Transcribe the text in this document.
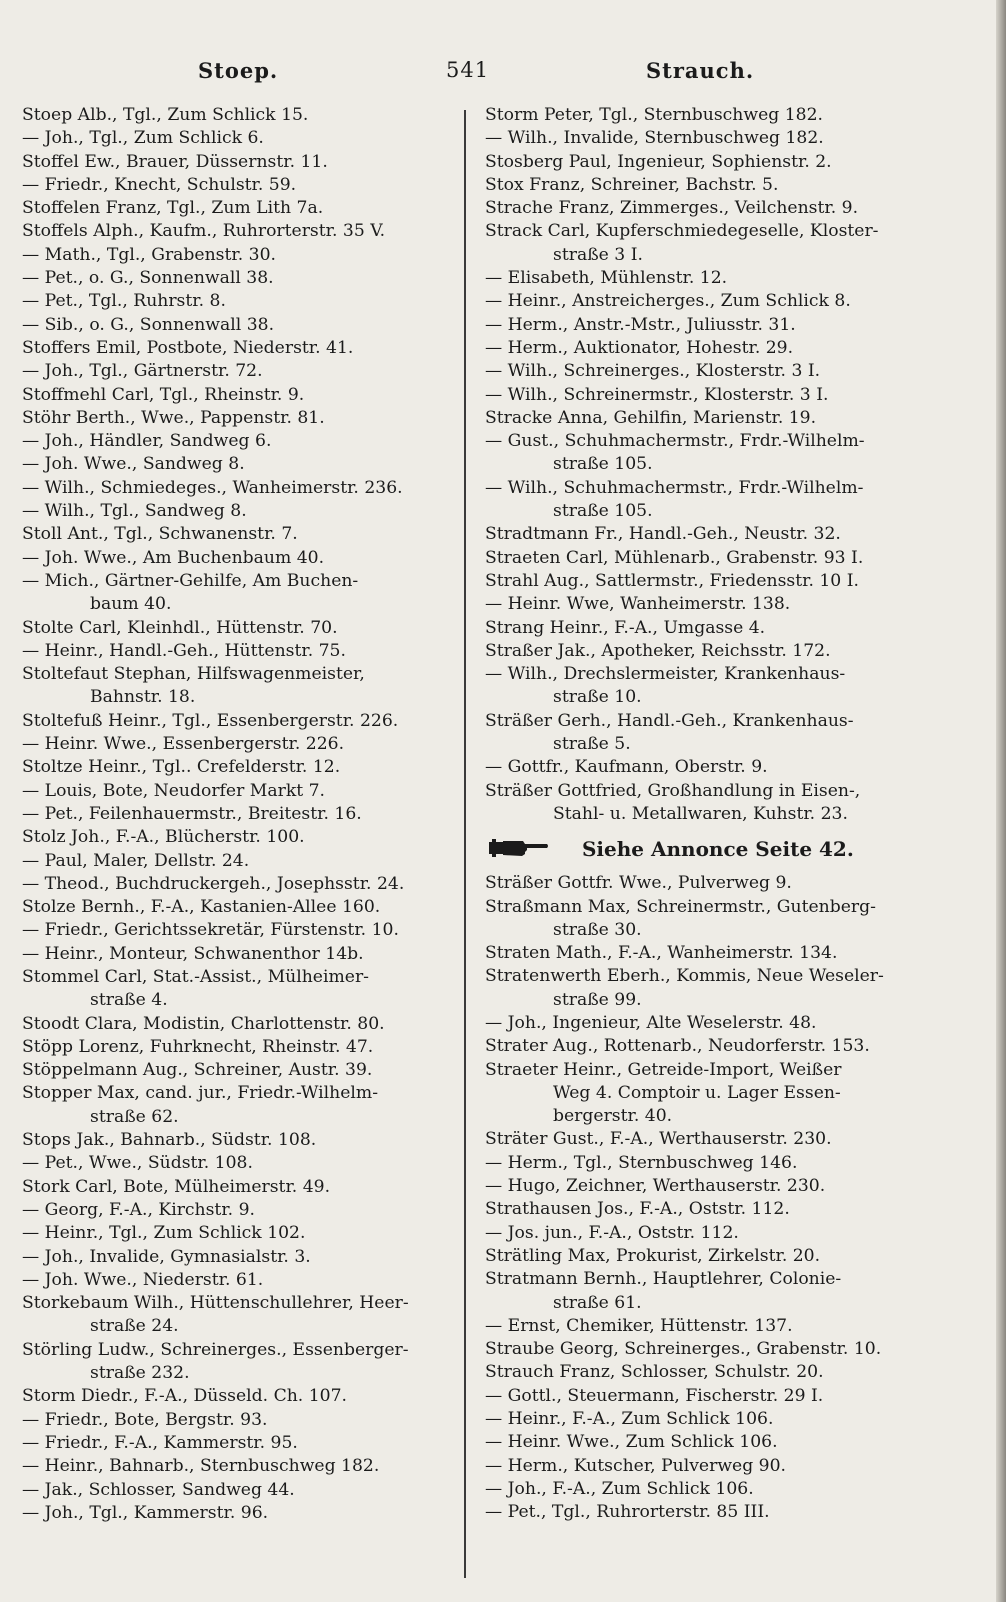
Stoep.	541	Strauch.
Stoep Alb., Tgl., Zum Schlick 15.
— Joh., Tgl., Zum Schlick 6.
Stoffel Ew., Brauer, Düssernstr. 11.
— Friedr., Knecht, Schulstr. 59.
Stoffelen Franz, Tgl., Zum Lith 7a.
Stoffels Alph., Kaufm., Ruhrorterstr. 35 V.
— Math., Tgl., Grabenstr. 30.
— Pet., o. G., Sonnenwall 38.
— Pet., Tgl., Ruhrstr. 8.
— Sib., o. G., Sonnenwall 38.
Stoffers Emil, Postbote, Niederstr. 41.
— Joh., Tgl., Gärtnerstr. 72.
Stoffmehl Carl, Tgl., Rheinstr. 9.
Stöhr Berth., Wwe., Pappenstr. 81.
— Joh., Händler, Sandweg 6.
— Joh. Wwe., Sandweg 8.
— Wilh., Schmiedeges., Wanheimerstr. 236.
— Wilh., Tgl., Sandweg 8.
Stoll Ant., Tgl., Schwanenstr. 7.
— Joh. Wwe., Am Buchenbaum 40.
— Mich., Gärtner-Gehilfe, Am Buchen-
baum 40.
Stolte Carl, Kleinhdl., Hüttenstr. 70.
— Heinr., Handl.-Geh., Hüttenstr. 75.
Stoltefaut Stephan, Hilfswagenmeister,
Bahnstr. 18.
Stoltefuß Heinr., Tgl., Essenbergerstr. 226.
— Heinr. Wwe., Essenbergerstr. 226.
Stoltze Heinr., Tgl.. Crefelderstr. 12.
— Louis, Bote, Neudorfer Markt 7.
— Pet., Feilenhauermstr., Breitestr. 16.
Stolz Joh., F.-A., Blücherstr. 100.
— Paul, Maler, Dellstr. 24.
— Theod., Buchdruckergeh., Josephsstr. 24.
Stolze Bernh., F.-A., Kastanien-Allee 160.
— Friedr., Gerichtssekretär, Fürstenstr. 10.
— Heinr., Monteur, Schwanenthor 14b.
Stommel Carl, Stat.-Assist., Mülheimer-
straße 4.
Stoodt Clara, Modistin, Charlottenstr. 80.
Stöpp Lorenz, Fuhrknecht, Rheinstr. 47.
Stöppelmann Aug., Schreiner, Austr. 39.
Stopper Max, cand. jur., Friedr.-Wilhelm-
straße 62.
Stops Jak., Bahnarb., Südstr. 108.
— Pet., Wwe., Südstr. 108.
Stork Carl, Bote, Mülheimerstr. 49.
— Georg, F.-A., Kirchstr. 9.
— Heinr., Tgl., Zum Schlick 102.
— Joh., Invalide, Gymnasialstr. 3.
— Joh. Wwe., Niederstr. 61.
Storkebaum Wilh., Hüttenschullehrer, Heer-
straße 24.
Störling Ludw., Schreinerges., Essenberger-
straße 232.
Storm Diedr., F.-A., Düsseld. Ch. 107.
— Friedr., Bote, Bergstr. 93.
— Friedr., F.-A., Kammerstr. 95.
— Heinr., Bahnarb., Sternbuschweg 182.
— Jak., Schlosser, Sandweg 44.
— Joh., Tgl., Kammerstr. 96.
Storm Peter, Tgl., Sternbuschweg 182.
— Wilh., Invalide, Sternbuschweg 182.
Stosberg Paul, Ingenieur, Sophienstr. 2.
Stox Franz, Schreiner, Bachstr. 5.
Strache Franz, Zimmerges., Veilchenstr. 9.
Strack Carl, Kupferschmiedegeselle, Kloster-
straße 3 I.
— Elisabeth, Mühlenstr. 12.
— Heinr., Anstreicherges., Zum Schlick 8.
— Herm., Anstr.-Mstr., Juliusstr. 31.
— Herm., Auktionator, Hohestr. 29.
— Wilh., Schreinerges., Klosterstr. 3 I.
— Wilh., Schreinermstr., Klosterstr. 3 I.
Stracke Anna, Gehilfin, Marienstr. 19.
— Gust., Schuhmachermstr., Frdr.-Wilhelm-
straße 105.
— Wilh., Schuhmachermstr., Frdr.-Wilhelm-
straße 105.
Stradtmann Fr., Handl.-Geh., Neustr. 32.
Straeten Carl, Mühlenarb., Grabenstr. 93 I.
Strahl Aug., Sattlermstr., Friedensstr. 10 I.
— Heinr. Wwe, Wanheimerstr. 138.
Strang Heinr., F.-A., Umgasse 4.
Straßer Jak., Apotheker, Reichsstr. 172.
— Wilh., Drechslermeister, Krankenhaus-
straße 10.
Sträßer Gerh., Handl.-Geh., Krankenhaus-
straße 5.
— Gottfr., Kaufmann, Oberstr. 9.
Sträßer Gottfried, Großhandlung in Eisen-,
Stahl- u. Metallwaren, Kuhstr. 23.
Siehe Annonce Seite 42.
Sträßer Gottfr. Wwe., Pulverweg 9.
Straßmann Max, Schreinermstr., Gutenberg-
straße 30.
Straten Math., F.-A., Wanheimerstr. 134.
Stratenwerth Eberh., Kommis, Neue Weseler-
straße 99.
— Joh., Ingenieur, Alte Weselerstr. 48.
Strater Aug., Rottenarb., Neudorferstr. 153.
Straeter Heinr., Getreide-Import, Weißer
Weg 4. Comptoir u. Lager Essen-
bergerstr. 40.
Sträter Gust., F.-A., Werthauserstr. 230.
— Herm., Tgl., Sternbuschweg 146.
— Hugo, Zeichner, Werthauserstr. 230.
Strathausen Jos., F.-A., Oststr. 112.
— Jos. jun., F.-A., Oststr. 112.
Strätling Max, Prokurist, Zirkelstr. 20.
Stratmann Bernh., Hauptlehrer, Colonie-
straße 61.
— Ernst, Chemiker, Hüttenstr. 137.
Straube Georg, Schreinerges., Grabenstr. 10.
Strauch Franz, Schlosser, Schulstr. 20.
— Gottl., Steuermann, Fischerstr. 29 I.
— Heinr., F.-A., Zum Schlick 106.
— Heinr. Wwe., Zum Schlick 106.
— Herm., Kutscher, Pulverweg 90.
— Joh., F.-A., Zum Schlick 106.
— Pet., Tgl., Ruhrorterstr. 85 III.
